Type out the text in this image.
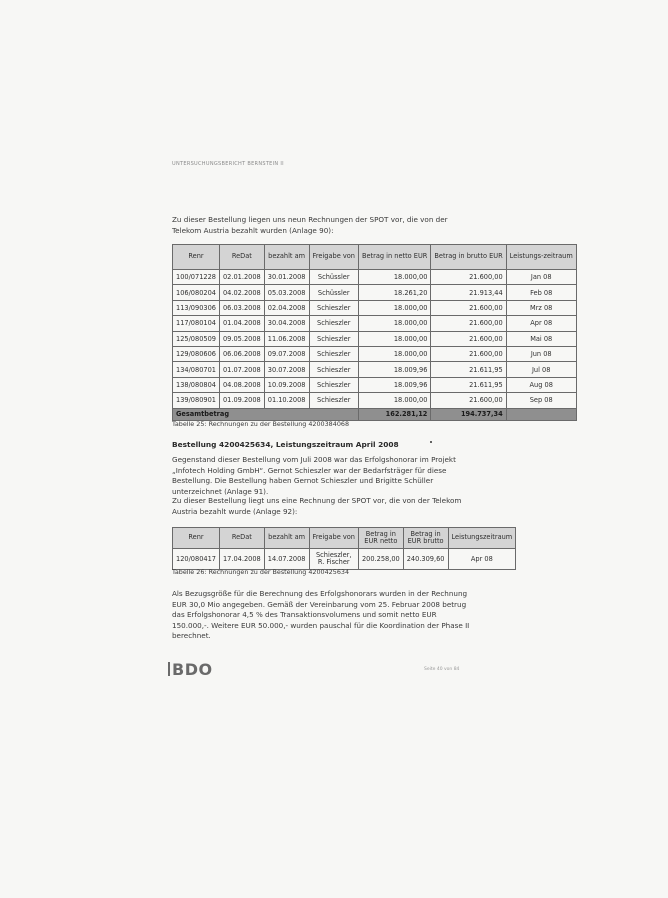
UNTERSUCHUNGSBERICHT BERNSTEIN II
Zu dieser Bestellung liegen uns neun Rechnungen der SPOT vor, die von der Telekom Austria bezahlt wurden (Anlage 90):
Renr	ReDat	bezahlt am	Freigabe von	Betrag in netto EUR	Betrag in brutto EUR	Leistungs-zeitraum
100/071228	02.01.2008	30.01.2008	Schüssler	18.000,00	21.600,00	Jan 08
106/080204	04.02.2008	05.03.2008	Schüssler	18.261,20	21.913,44	Feb 08
113/090306	06.03.2008	02.04.2008	Schieszler	18.000,00	21.600,00	Mrz 08
117/080104	01.04.2008	30.04.2008	Schieszler	18.000,00	21.600,00	Apr 08
125/080509	09.05.2008	11.06.2008	Schieszler	18.000,00	21.600,00	Mai 08
129/080606	06.06.2008	09.07.2008	Schieszler	18.000,00	21.600,00	Jun 08
134/080701	01.07.2008	30.07.2008	Schieszler	18.009,96	21.611,95	Jul 08
138/080804	04.08.2008	10.09.2008	Schieszler	18.009,96	21.611,95	Aug 08
139/080901	01.09.2008	01.10.2008	Schieszler	18.000,00	21.600,00	Sep 08
Gesamtbetrag				162.281,12	194.737,34	
Tabelle 25: Rechnungen zu der Bestellung 4200384068
Bestellung 4200425634, Leistungszeitraum April 2008
Gegenstand dieser Bestellung vom Juli 2008 war das Erfolgshonorar im Projekt „Infotech Holding GmbH“. Gernot Schieszler war der Bedarfsträger für diese Bestellung. Die Bestellung haben Gernot Schieszler und Brigitte Schüller unterzeichnet (Anlage 91).
Zu dieser Bestellung liegt uns eine Rechnung der SPOT vor, die von der Telekom Austria bezahlt wurde (Anlage 92):
Renr	ReDat	bezahlt am	Freigabe von	Betrag in EUR netto	Betrag in EUR brutto	Leistungszeitraum
120/080417	17.04.2008	14.07.2008	Schieszler, R. Fischer	200.258,00	240.309,60	Apr 08
Tabelle 26: Rechnungen zu der Bestellung 4200425634
Als Bezugsgröße für die Berechnung des Erfolgshonorars wurden in der Rechnung EUR 30,0 Mio angegeben. Gemäß der Vereinbarung vom 25. Februar 2008 betrug das Erfolgshonorar 4,5 % des Transaktionsvolumens und somit netto EUR 150.000,-. Weitere EUR 50.000,- wurden pauschal für die Koordination der Phase II berechnet.
BDO	Seite 40 von 84
